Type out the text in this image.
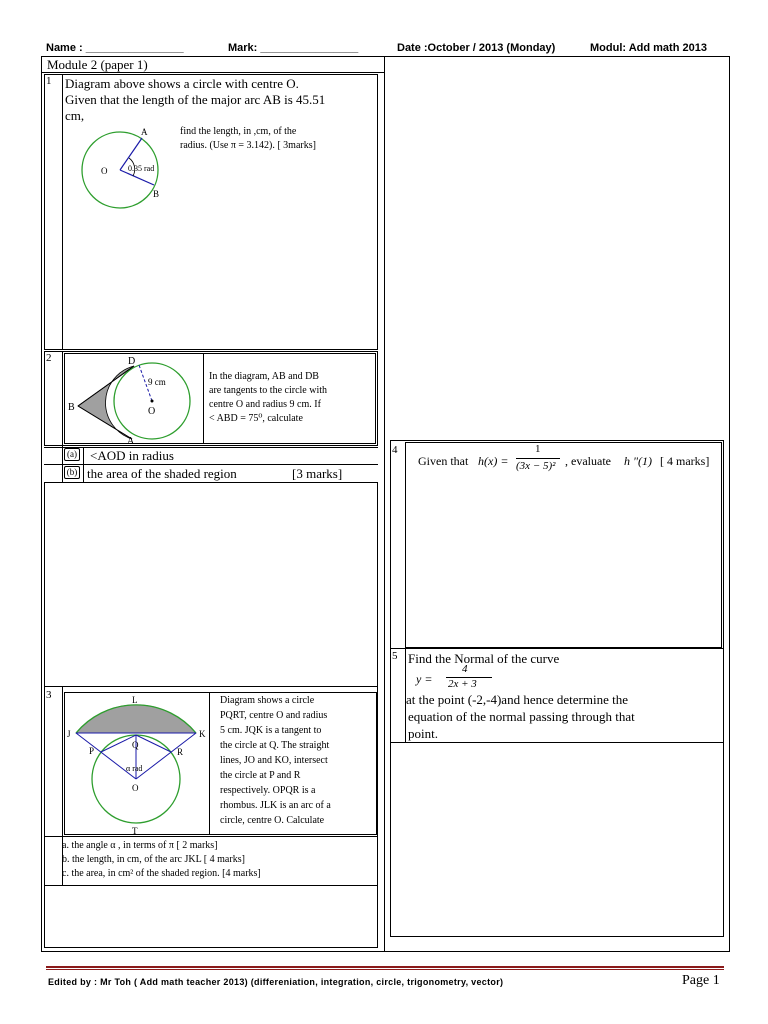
Name : ________________	Mark: ________________	Date :October / 2013 (Monday)	Modul: Add math 2013
Module 2 (paper 1)
1 Diagram above shows a circle with centre O.
Given that the length of the major arc AB is 45.51
cm,
find the length, in ,cm, of the
radius. (Use π = 3.142). [ 3marks]
A
O
B
0.35 rad
2
In the diagram, AB and DB
are tangents to the circle with
centre O and radius 9 cm. If
< ABD = 75⁰, calculate
D
B	O
A
9 cm
(a) <AOD in radius
(b) the area of the shaded region	[3 marks]
3	Diagram shows a circle
PQRT, centre O and radius
5 cm. JQK is a tangent to
the circle at Q. The straight
lines, JO and KO, intersect
the circle at P and R
respectively. OPQR is a
rhombus. JLK is an arc of a
circle, centre O. Calculate
L
J	K
P
Q
R
O
T
α rad
a. the angle α , in terms of π [ 2 marks]
b. the length, in cm, of the arc JKL [ 4 marks]
c. the area, in cm² of the shaded region. [4 marks]
4
Given that h(x) =
1
(3x − 5)² , evaluate h "(1) [ 4 marks]
5 Find the Normal of the curve
y =
4
2x + 3
at the point (-2,-4)and hence determine the
equation of the normal passing through that
point.
Edited by : Mr Toh ( Add math teacher 2013) (differeniation, integration, circle, trigonometry, vector)	Page 1
